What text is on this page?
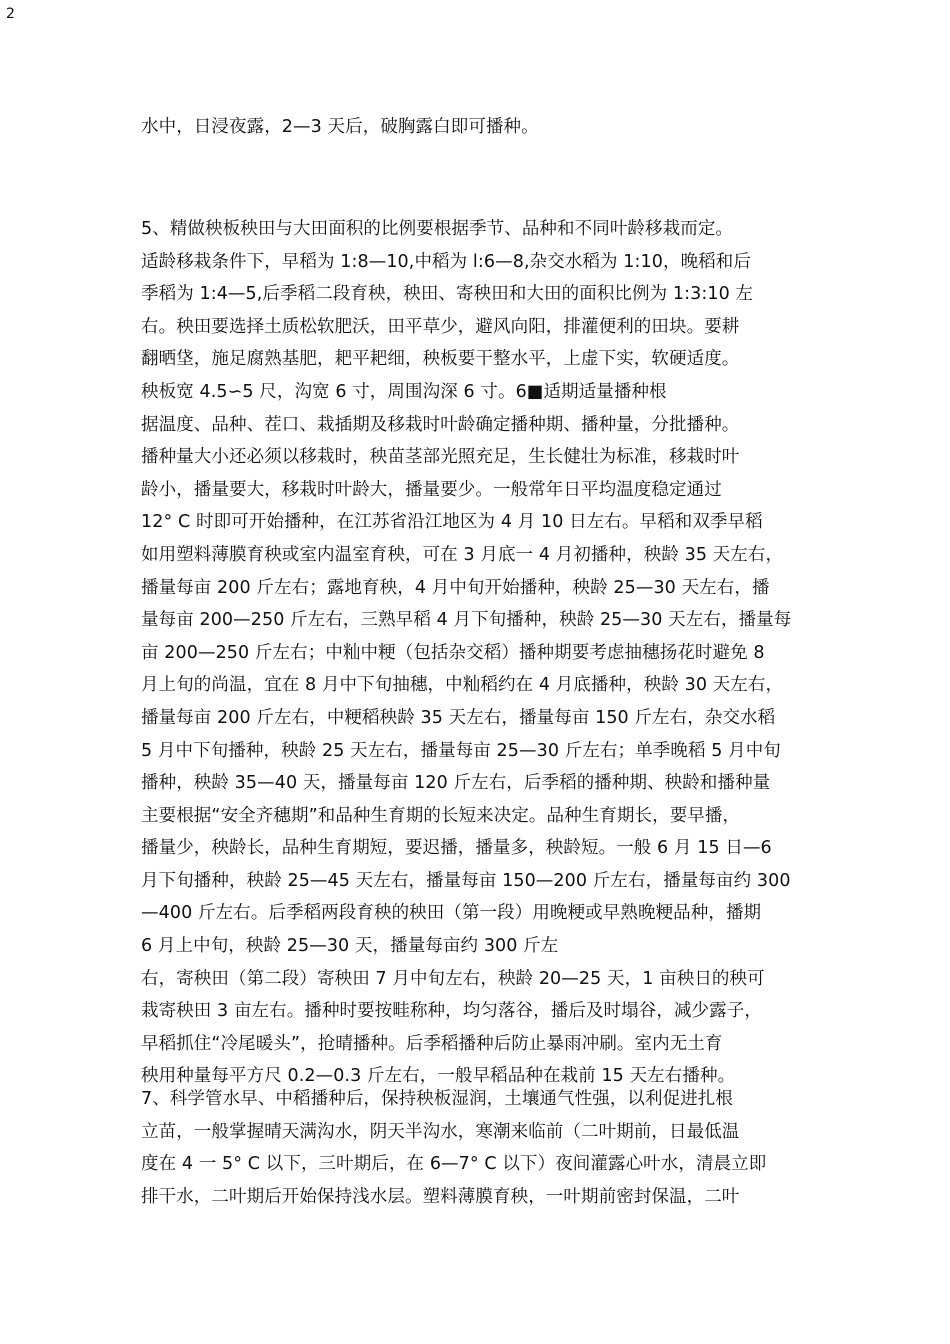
2
水中，日浸夜露，2—3 天后，破胸露白即可播种。
5、精做秧板秧田与大田面积的比例要根据季节、品种和不同叶龄移栽而定。
适龄移栽条件下，早稻为 1:8—10,中稻为 l:6—8,杂交水稻为 1:10，晚稻和后
季稻为 1:4—5,后季稻二段育秧，秧田、寄秧田和大田的面积比例为 1:3:10 左
右。秧田要选择土质松软肥沃，田平草少，避风向阳，排灌便利的田块。要耕
翻晒垡，施足腐熟基肥，耙平耙细，秧板要干整水平，上虚下实，软硬适度。
秧板宽 4.5∽5 尺，沟宽 6 寸，周围沟深 6 寸。6■适期适量播种根
据温度、品种、茬口、栽插期及移栽时叶龄确定播种期、播种量，分批播种。
播种量大小还必须以移栽时，秧苗茎部光照充足，生长健壮为标准，移栽时叶
龄小，播量要大，移栽时叶龄大，播量要少。一般常年日平均温度稳定通过
12° C 时即可开始播种，在江苏省沿江地区为 4 月 10 日左右。早稻和双季早稻
如用塑料薄膜育秧或室内温室育秧，可在 3 月底一 4 月初播种，秧龄 35 天左右，
播量每亩 200 斤左右；露地育秧，4 月中旬开始播种，秧龄 25—30 天左右，播
量每亩 200—250 斤左右，三熟早稻 4 月下旬播种，秧龄 25—30 天左右，播量每
亩 200—250 斤左右；中籼中粳（包括杂交稻）播种期要考虑抽穗扬花时避免 8
月上旬的尚温，宜在 8 月中下旬抽穗，中籼稻约在 4 月底播种，秧龄 30 天左右，
播量每亩 200 斤左右，中粳稻秧龄 35 天左右，播量每亩 150 斤左右，杂交水稻
5 月中下旬播种，秧龄 25 天左右，播量每亩 25—30 斤左右；单季晚稻 5 月中旬
播种，秧龄 35—40 天，播量每亩 120 斤左右，后季稻的播种期、秧龄和播种量
主要根据“安全齐穗期”和品种生育期的长短来决定。品种生育期长，要早播，
播量少，秧龄长，品种生育期短，要迟播，播量多，秧龄短。一般 6 月 15 日—6
月下旬播种，秧龄 25—45 天左右，播量每亩 150—200 斤左右，播量每亩约 300
—400 斤左右。后季稻两段育秧的秧田（第一段）用晚粳或早熟晚粳品种，播期
6 月上中旬，秧龄 25—30 天，播量每亩约 300 斤左
右，寄秧田（第二段）寄秧田 7 月中旬左右，秧龄 20—25 天，1 亩秧日的秧可
栽寄秧田 3 亩左右。播种时要按畦称种，均匀落谷，播后及时塌谷，减少露子，
早稻抓住“冷尾暖头”，抢晴播种。后季稻播种后防止暴雨冲刷。室内无土育
秧用种量每平方尺 0.2—0.3 斤左右，一般早稻品种在栽前 15 天左右播种。
7、科学管水早、中稻播种后，保持秧板湿润，土壤通气性强，以利促进扎根
立苗，一般掌握晴天满沟水，阴天半沟水，寒潮来临前（二叶期前，日最低温
度在 4 一 5° C 以下，三叶期后，在 6—7° C 以下）夜间灌露心叶水，清晨立即
排干水，二叶期后开始保持浅水层。塑料薄膜育秧，一叶期前密封保温，二叶
